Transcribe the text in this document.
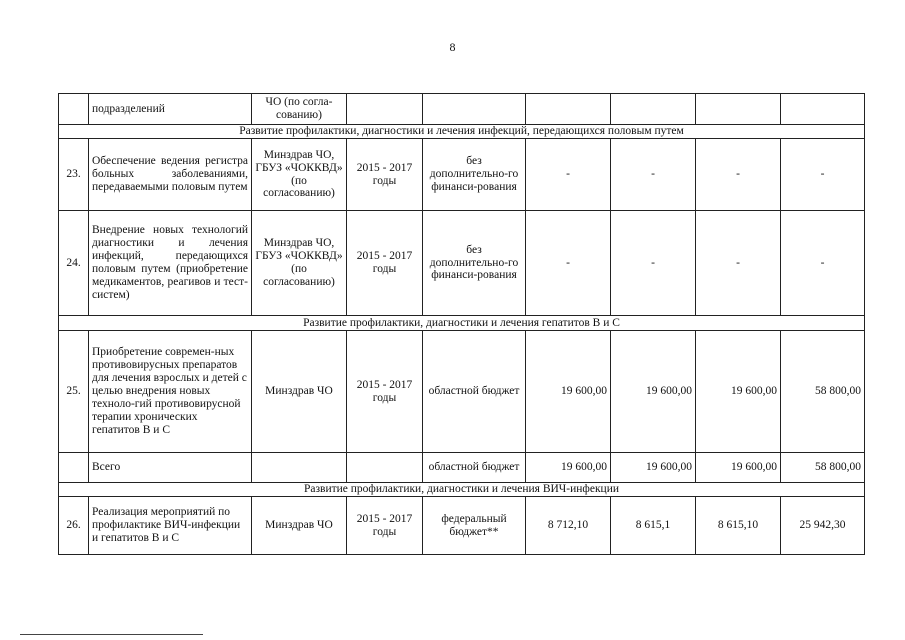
8
	подразделений	ЧО (по согла-сованию)						
Развитие профилактики, диагностики и лечения инфекций, передающихся половым путем								
23.	Обеспечение ведения регистра больных заболеваниями, передаваемыми половым путем	Минздрав ЧО, ГБУЗ «ЧОККВД» (по согласованию)	2015 - 2017 годы	без дополнительно-го финанси-рования	-	-	-	-
24.	Внедрение новых технологий диагностики и лечения инфекций, передающихся половым путем (приобретение медикаментов, реагивов и тест-систем)	Минздрав ЧО, ГБУЗ «ЧОККВД» (по согласованию)	2015 - 2017 годы	без дополнительно-го финанси-рования	-	-	-	-
Развитие профилактики, диагностики и лечения гепатитов В и С								
25.	Приобретение современ-ных противовирусных препаратов для лечения взрослых и детей с целью внедрения новых техноло-гий противовирусной терапии хронических гепатитов В и С	Минздрав ЧО	2015 - 2017 годы	областной бюджет	19 600,00	19 600,00	19 600,00	58 800,00
	Всего			областной бюджет	19 600,00	19 600,00	19 600,00	58 800,00
Развитие профилактики, диагностики и лечения ВИЧ-инфекции								
26.	Реализация мероприятий по профилактике ВИЧ-инфекции и гепатитов В и С	Минздрав ЧО	2015 - 2017 годы	федеральный бюджет**	8 712,10	8 615,1	8 615,10	25 942,30
